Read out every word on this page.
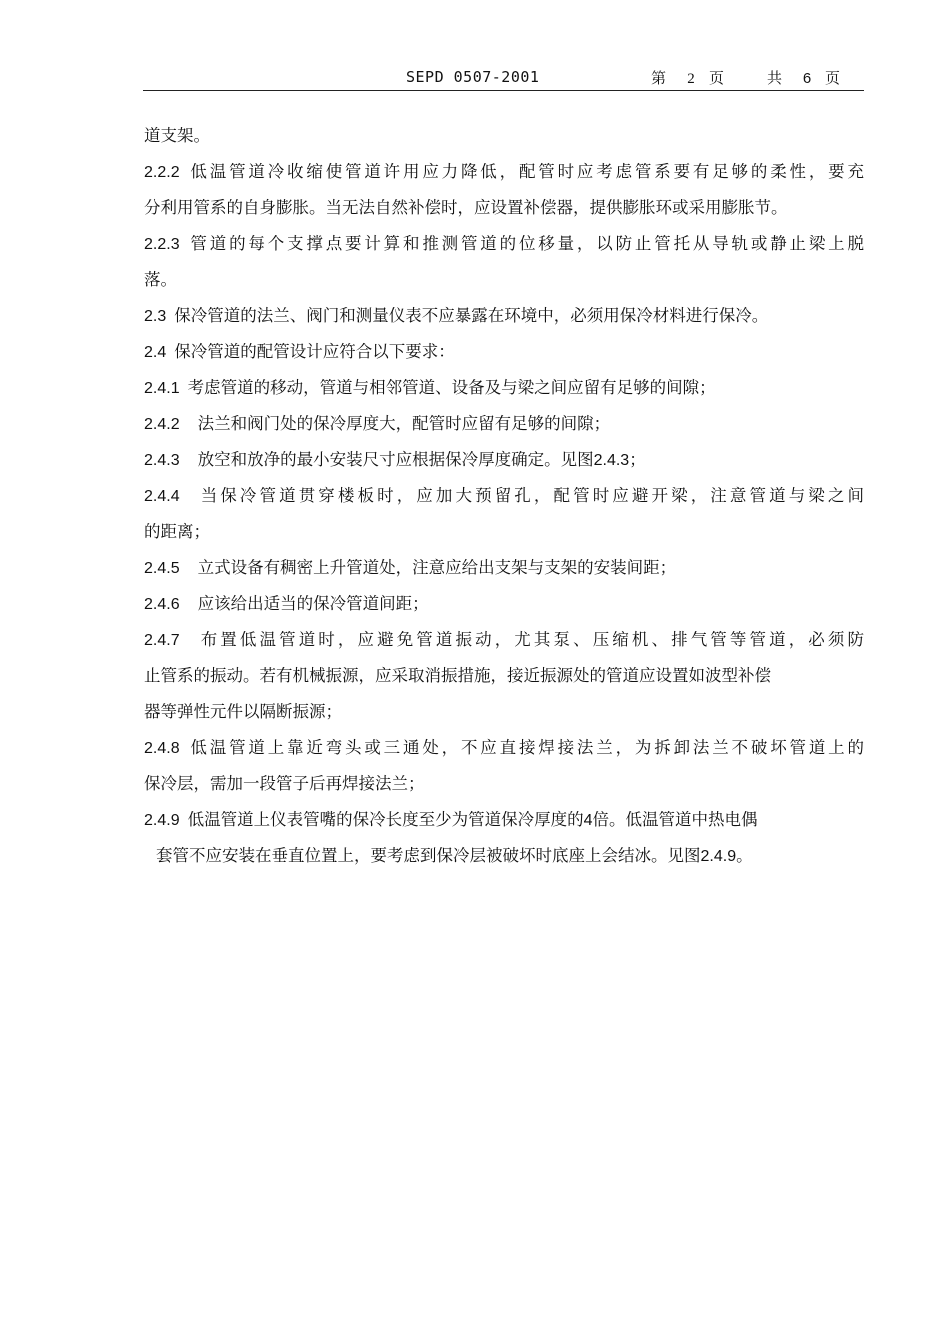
SEPD 0507-2001	第 2 页	共 6 页
道支架。
2.2.2 低温管道冷收缩使管道许用应力降低，配管时应考虑管系要有足够的柔性，要充
分利用管系的自身膨胀。当无法自然补偿时，应设置补偿器，提供膨胀环或采用膨胀节。
2.2.3 管道的每个支撑点要计算和推测管道的位移量，以防止管托从导轨或静止梁上脱
落。
2.3 保冷管道的法兰、阀门和测量仪表不应暴露在环境中，必须用保冷材料进行保冷。
2.4 保冷管道的配管设计应符合以下要求：
2.4.1 考虑管道的移动，管道与相邻管道、设备及与梁之间应留有足够的间隙；
2.4.2 法兰和阀门处的保冷厚度大，配管时应留有足够的间隙；
2.4.3 放空和放净的最小安装尺寸应根据保冷厚度确定。见图2.4.3；
2.4.4 当保冷管道贯穿楼板时，应加大预留孔，配管时应避开梁，注意管道与梁之间
的距离；
2.4.5 立式设备有稠密上升管道处，注意应给出支架与支架的安装间距；
2.4.6 应该给出适当的保冷管道间距；
2.4.7 布置低温管道时，应避免管道振动，尤其泵、压缩机、排气管等管道，必须防
止管系的振动。若有机械振源，应采取消振措施，接近振源处的管道应设置如波型补偿
器等弹性元件以隔断振源；
2.4.8 低温管道上靠近弯头或三通处，不应直接焊接法兰，为拆卸法兰不破坏管道上的
保冷层，需加一段管子后再焊接法兰；
2.4.9 低温管道上仪表管嘴的保冷长度至少为管道保冷厚度的4倍。低温管道中热电偶
套管不应安装在垂直位置上，要考虑到保冷层被破坏时底座上会结冰。见图2.4.9。
